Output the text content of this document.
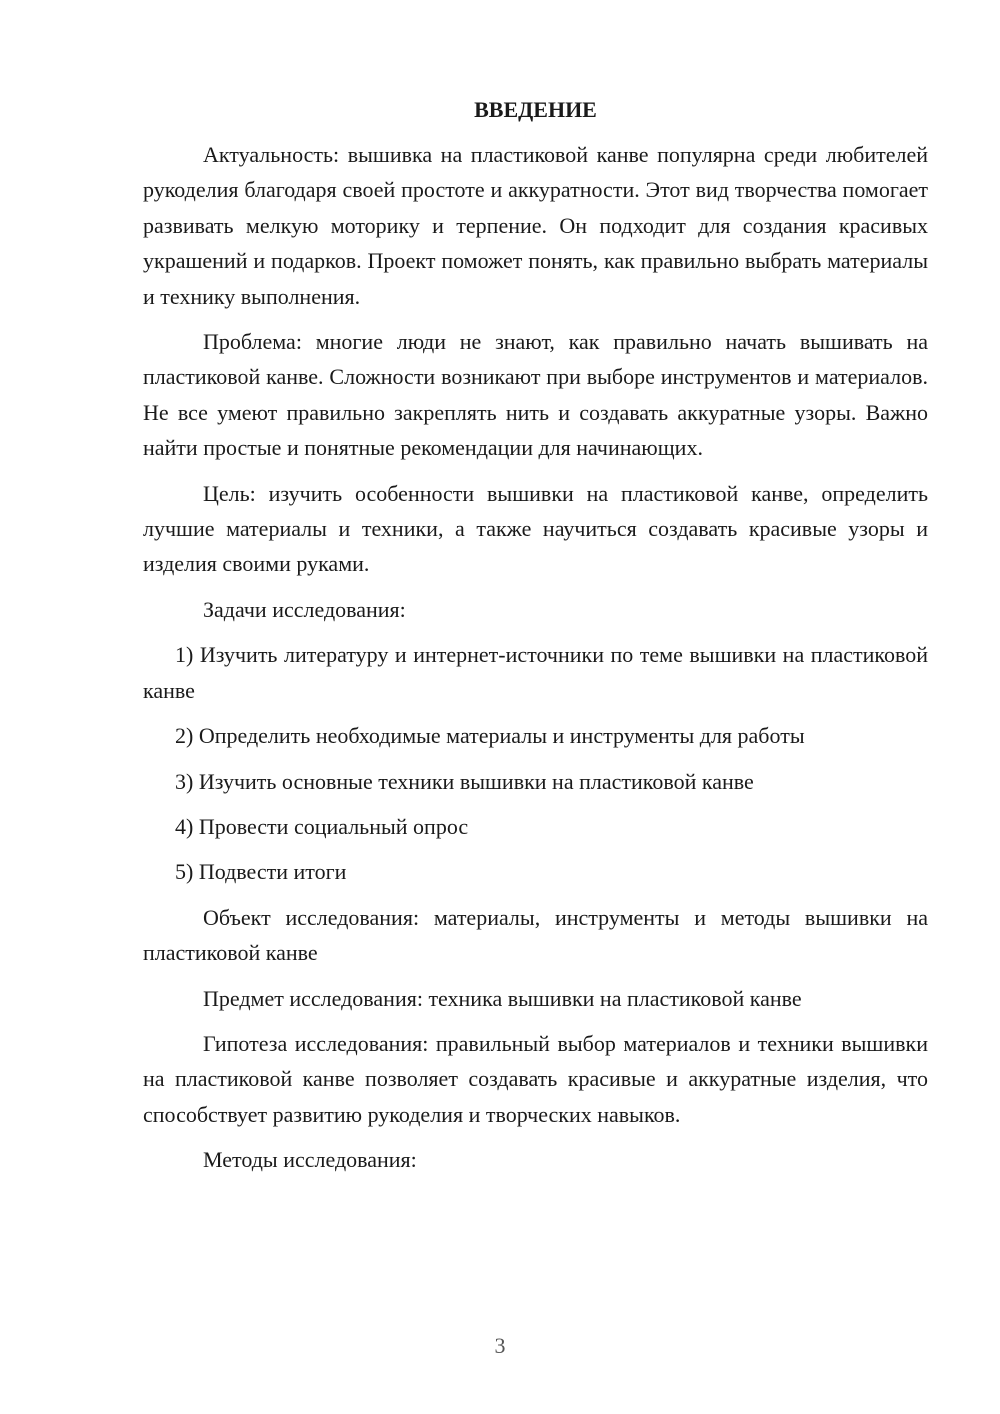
ВВЕДЕНИЕ

Актуальность: вышивка на пластиковой канве популярна среди любителей рукоделия благодаря своей простоте и аккуратности. Этот вид творчества помогает развивать мелкую моторику и терпение. Он подходит для создания красивых украшений и подарков. Проект поможет понять, как правильно выбрать материалы и технику выполнения.

Проблема: многие люди не знают, как правильно начать вышивать на пластиковой канве. Сложности возникают при выборе инструментов и материалов. Не все умеют правильно закреплять нить и создавать аккуратные узоры. Важно найти простые и понятные рекомендации для начинающих.

Цель: изучить особенности вышивки на пластиковой канве, определить лучшие материалы и техники, а также научиться создавать красивые узоры и изделия своими руками.

Задачи исследования:

1) Изучить литературу и интернет-источники по теме вышивки на пластиковой канве

2) Определить необходимые материалы и инструменты для работы

3) Изучить основные техники вышивки на пластиковой канве

4) Провести социальный опрос

5) Подвести итоги

Объект исследования: материалы, инструменты и методы вышивки на пластиковой канве

Предмет исследования: техника вышивки на пластиковой канве

Гипотеза исследования: правильный выбор материалов и техники вышивки на пластиковой канве позволяет создавать красивые и аккуратные изделия, что способствует развитию рукоделия и творческих навыков.

Методы исследования:

3
